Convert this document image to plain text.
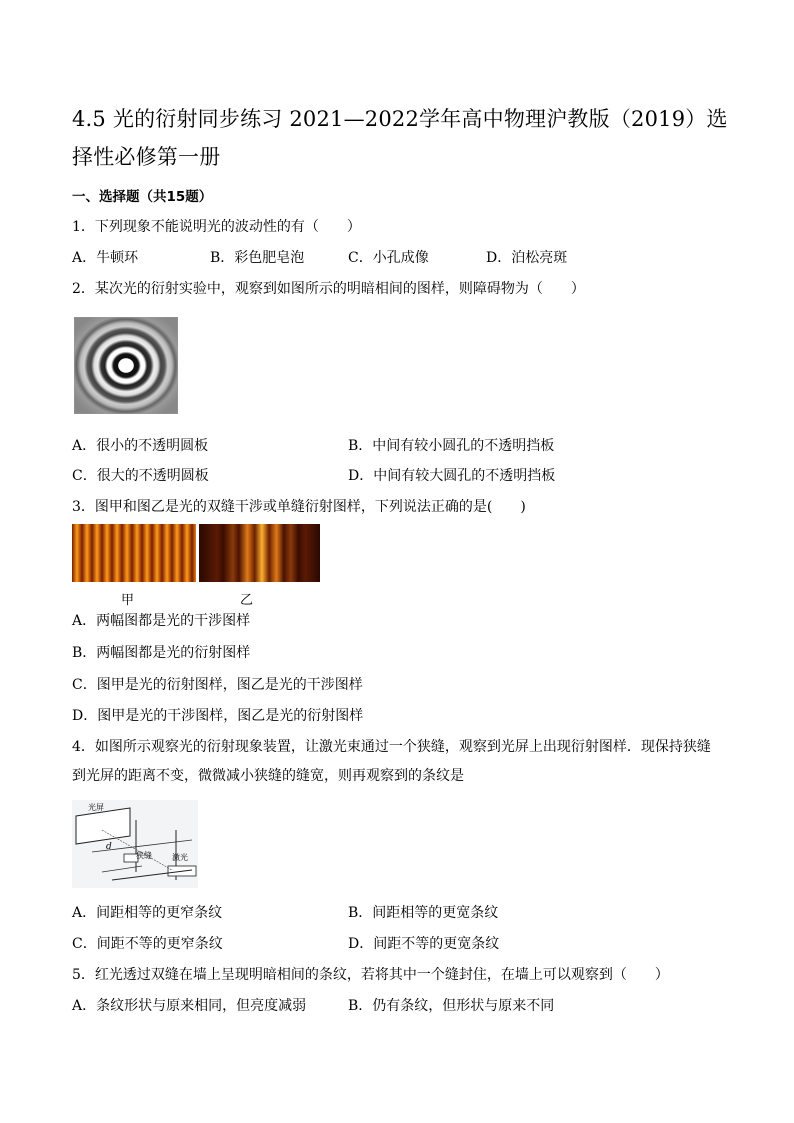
4.5 光的衍射同步练习 2021—2022学年高中物理沪教版（2019）选择性必修第一册
一、选择题（共15题）
1．下列现象不能说明光的波动性的有（　　）
A．牛顿环	B．彩色肥皂泡	C．小孔成像	D．泊松亮斑
2．某次光的衍射实验中，观察到如图所示的明暗相间的图样，则障碍物为（　　）
A．很小的不透明圆板	B．中间有较小圆孔的不透明挡板
C．很大的不透明圆板	D．中间有较大圆孔的不透明挡板
3．图甲和图乙是光的双缝干涉或单缝衍射图样，下列说法正确的是(　　)
甲	乙
A．两幅图都是光的干涉图样
B．两幅图都是光的衍射图样
C．图甲是光的衍射图样，图乙是光的干涉图样
D．图甲是光的干涉图样，图乙是光的衍射图样
4．如图所示观察光的衍射现象装置，让激光束通过一个狭缝，观察到光屏上出现衍射图样．现保持狭缝
到光屏的距离不变，微微减小狭缝的缝宽，则再观察到的条纹是
光屏
d
狭缝	激光
A．间距相等的更窄条纹	B．间距相等的更宽条纹
C．间距不等的更窄条纹	D．间距不等的更宽条纹
5．红光透过双缝在墙上呈现明暗相间的条纹，若将其中一个缝封住，在墙上可以观察到（　　）
A．条纹形状与原来相同，但亮度减弱	B．仍有条纹，但形状与原来不同
